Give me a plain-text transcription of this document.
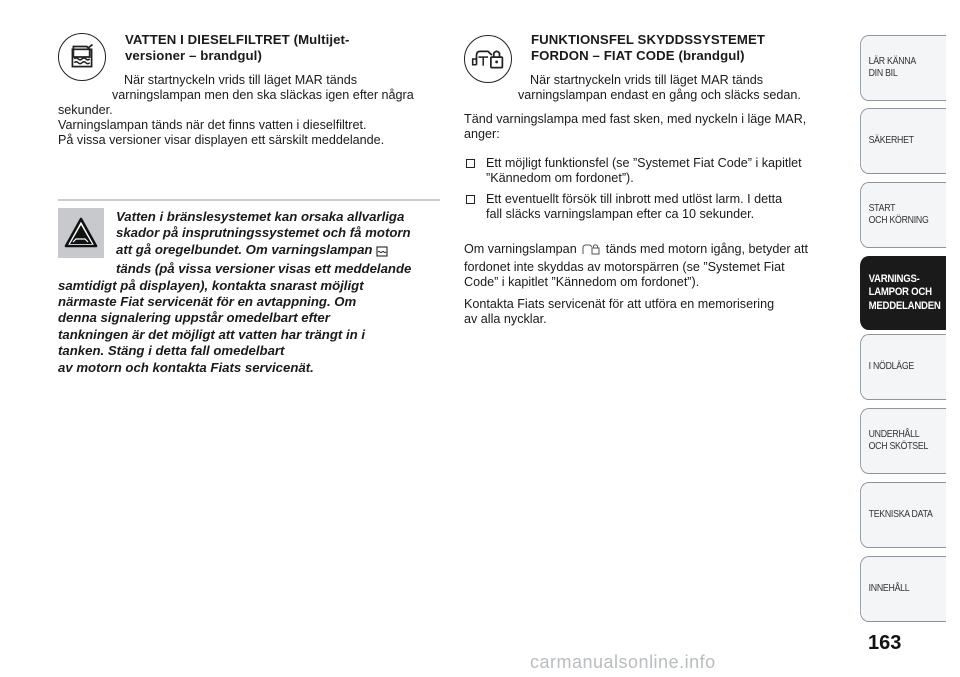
VATTEN I DIESELFILTRET (Multijet-
versioner – brandgul)
När startnyckeln vrids till läget MAR tänds
varningslampan men den ska släckas igen efter några
sekunder.
Varningslampan tänds när det finns vatten i dieselfiltret.
På vissa versioner visar displayen ett särskilt meddelande.
Vatten i bränslesystemet kan orsaka allvarliga
skador på insprutningssystemet och få motorn
att gå oregelbundet. Om varningslampan
tänds (på vissa versioner visas ett meddelande
samtidigt på displayen), kontakta snarast möjligt
närmaste Fiat servicenät för en avtappning. Om
denna signalering uppstår omedelbart efter
tankningen är det möjligt att vatten har trängt in i
tanken. Stäng i detta fall omedelbart
av motorn och kontakta Fiats servicenät.
FUNKTIONSFEL SKYDDSSYSTEMET
FORDON – FIAT CODE (brandgul)
När startnyckeln vrids till läget MAR tänds
varningslampan endast en gång och släcks sedan.
Tänd varningslampa med fast sken, med nyckeln i läge MAR,
anger:
Ett möjligt funktionsfel (se ”Systemet Fiat Code” i kapitlet
”Kännedom om fordonet”).
Ett eventuellt försök till inbrott med utlöst larm. I detta
fall släcks varningslampan efter ca 10 sekunder.
Om varningslampan tänds med motorn igång, betyder att
fordonet inte skyddas av motorspärren (se ”Systemet Fiat
Code” i kapitlet ”Kännedom om fordonet”).
Kontakta Fiats servicenät för att utföra en memorisering
av alla nycklar.
LÄR KÄNNA
DIN BIL
SÄKERHET
START
OCH KÖRNING
VARNINGS-
LAMPOR OCH
MEDDELANDEN
I NÖDLÄGE
UNDERHÅLL
OCH SKÖTSEL
TEKNISKA DATA
INNEHÅLL
163
carmanualsonline.info
